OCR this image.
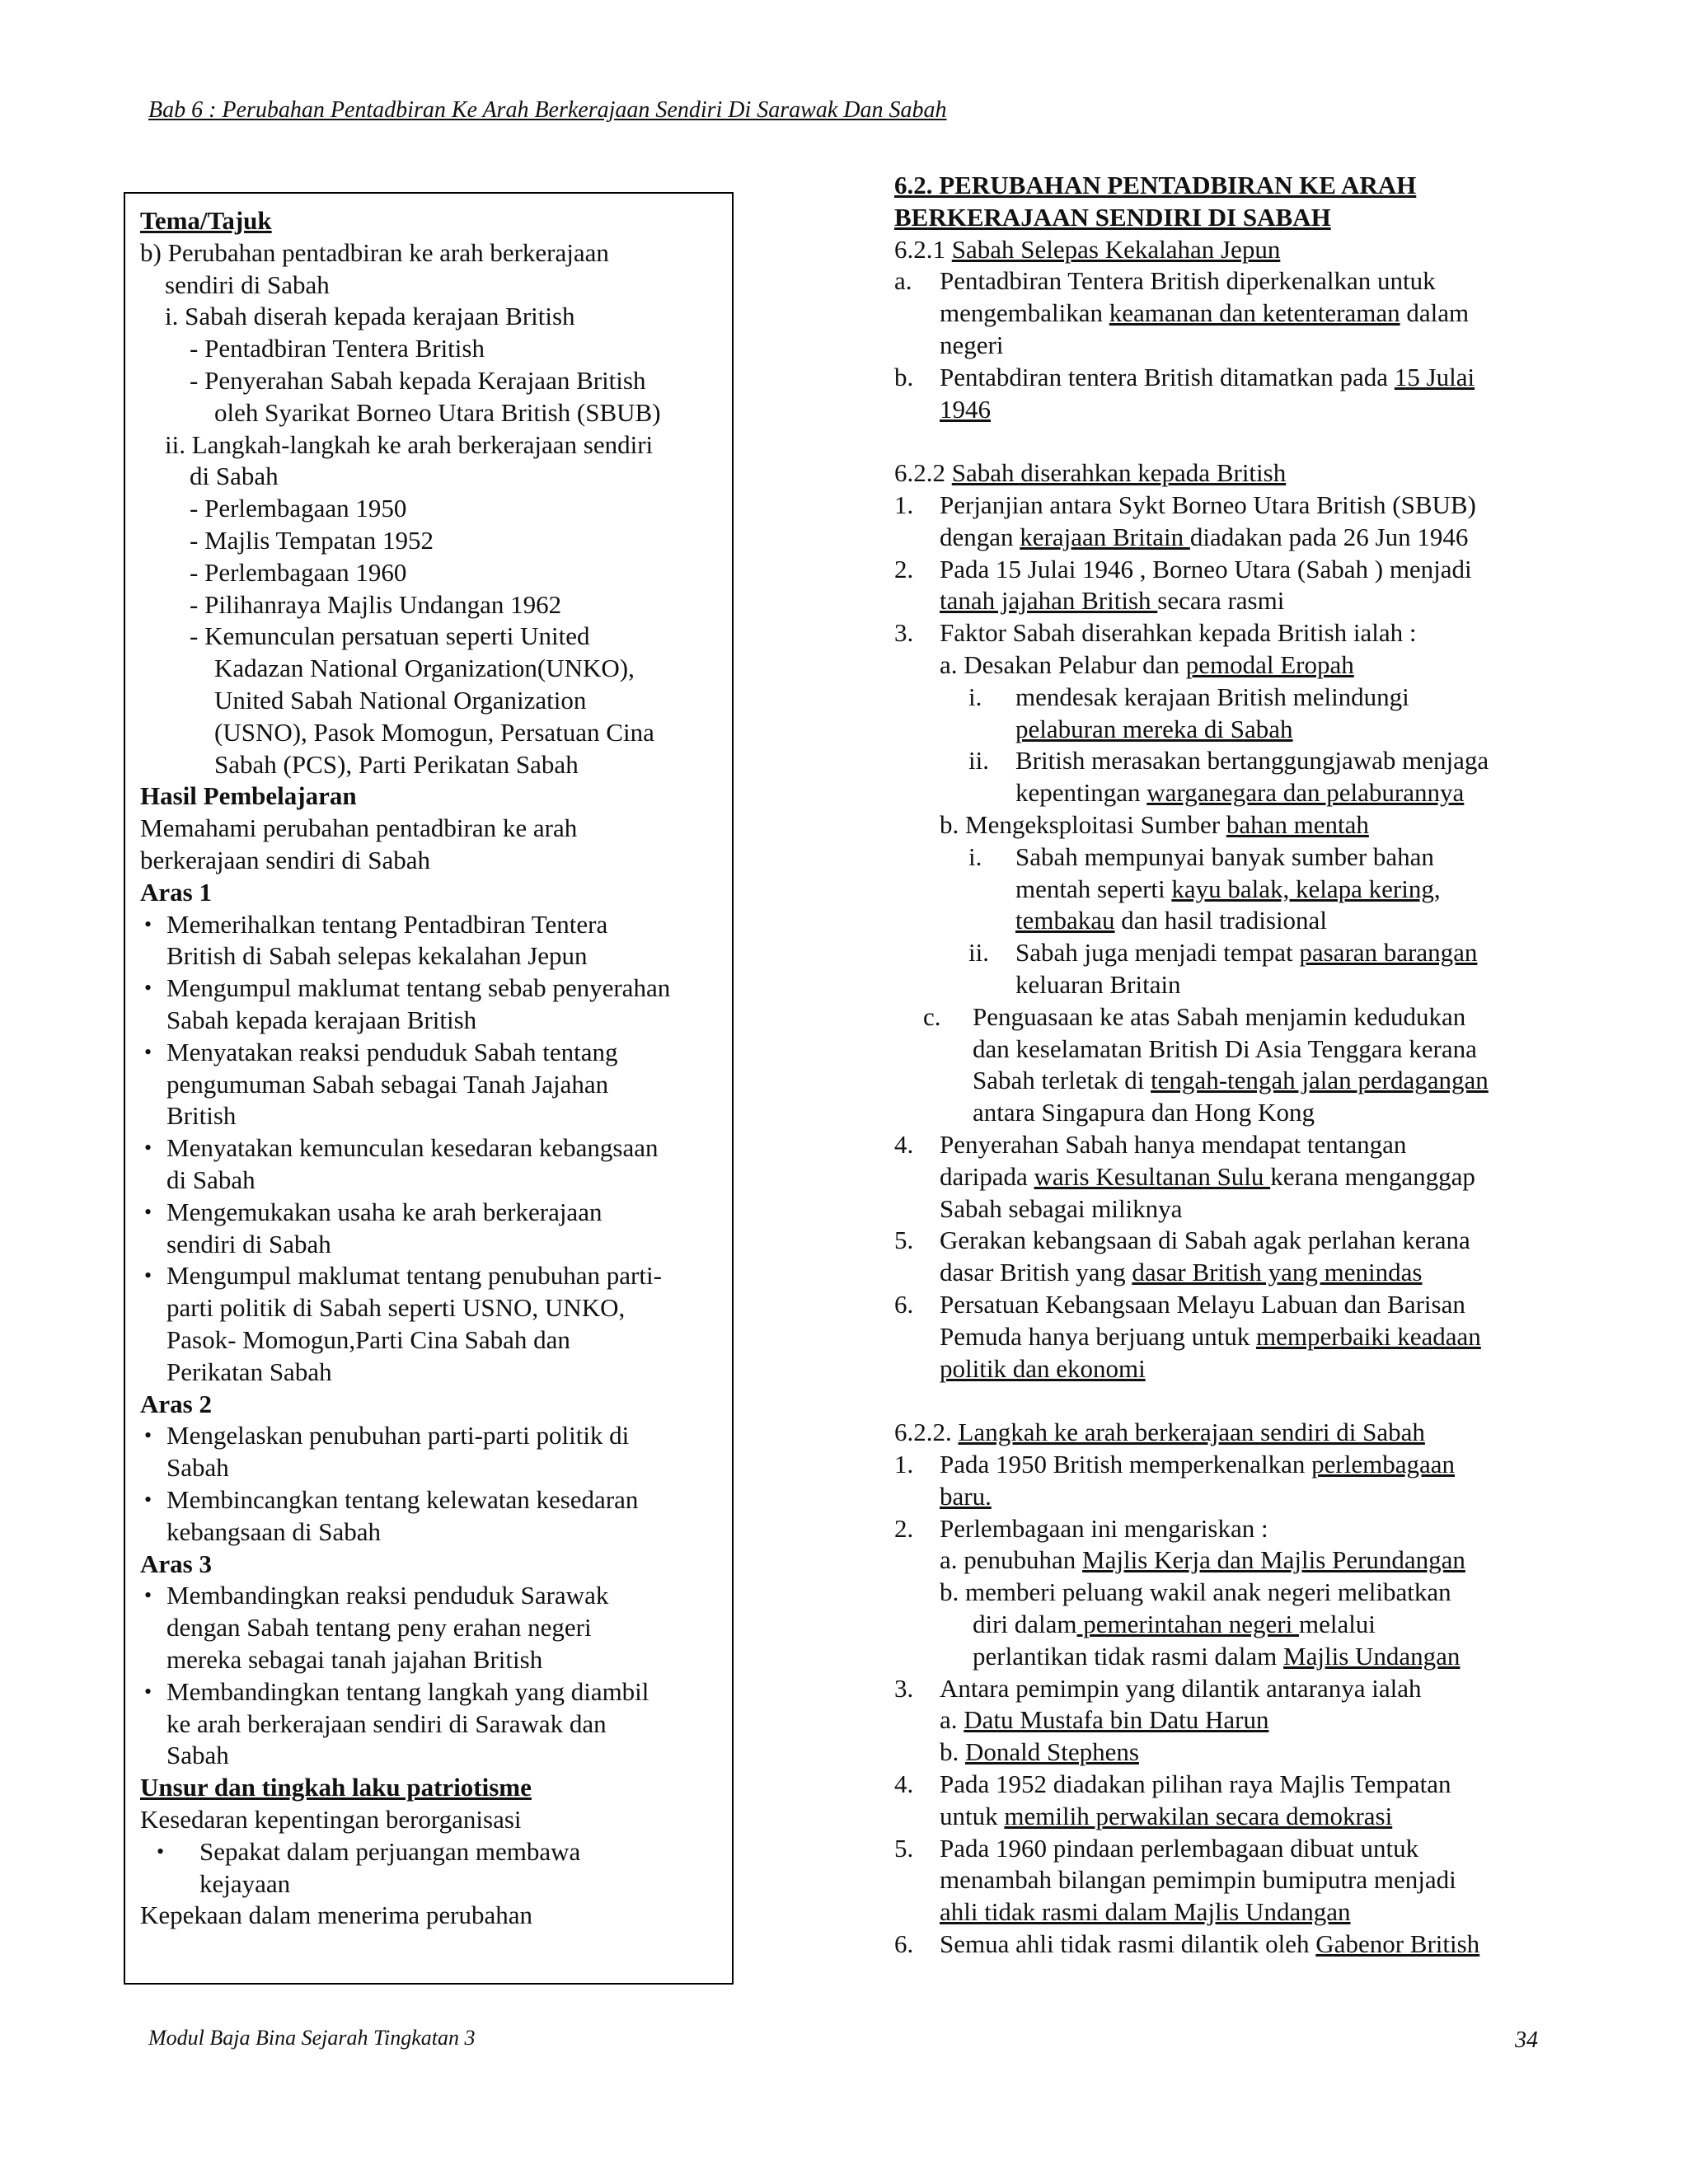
Bab 6 : Perubahan Pentadbiran Ke Arah Berkerajaan Sendiri Di Sarawak Dan Sabah
Tema/Tajuk
b) Perubahan pentadbiran ke arah berkerajaan
sendiri di Sabah
i. Sabah diserah kepada kerajaan British
- Pentadbiran Tentera British
- Penyerahan Sabah kepada Kerajaan British
oleh Syarikat Borneo Utara British (SBUB)
ii. Langkah-langkah ke arah berkerajaan sendiri
di Sabah
- Perlembagaan 1950
- Majlis Tempatan 1952
- Perlembagaan 1960
- Pilihanraya Majlis Undangan 1962
- Kemunculan persatuan seperti United
Kadazan National Organization(UNKO),
United Sabah National Organization
(USNO), Pasok Momogun, Persatuan Cina
Sabah (PCS), Parti Perikatan Sabah
Hasil Pembelajaran
Memahami perubahan pentadbiran ke arah
berkerajaan sendiri di Sabah
Aras 1
Memerihalkan tentang Pentadbiran Tentera
•
British di Sabah selepas kekalahan Jepun
Mengumpul maklumat tentang sebab penyerahan
•
Sabah kepada kerajaan British
Menyatakan reaksi penduduk Sabah tentang
•
pengumuman Sabah sebagai Tanah Jajahan
British
Menyatakan kemunculan kesedaran kebangsaan
•
di Sabah
Mengemukakan usaha ke arah berkerajaan
•
sendiri di Sabah
Mengumpul maklumat tentang penubuhan parti-
•
parti politik di Sabah seperti USNO, UNKO,
Pasok- Momogun,Parti Cina Sabah dan
Perikatan Sabah
Aras 2
Mengelaskan penubuhan parti-parti politik di
•
Sabah
Membincangkan tentang kelewatan kesedaran
•
kebangsaan di Sabah
Aras 3
Membandingkan reaksi penduduk Sarawak
•
dengan Sabah tentang peny erahan negeri
mereka sebagai tanah jajahan British
Membandingkan tentang langkah yang diambil
•
ke arah berkerajaan sendiri di Sarawak dan
Sabah
Unsur dan tingkah laku patriotisme
Kesedaran kepentingan berorganisasi
Sepakat dalam perjuangan membawa
•
kejayaan
Kepekaan dalam menerima perubahan
6.2. PERUBAHAN PENTADBIRAN KE ARAH
BERKERAJAAN SENDIRI DI SABAH
6.2.1 Sabah Selepas Kekalahan Jepun
a. Pentadbiran Tentera British diperkenalkan untuk
mengembalikan keamanan dan ketenteraman dalam
negeri
b. Pentabdiran tentera British ditamatkan pada 15 Julai
1946
6.2.2 Sabah diserahkan kepada British
1. Perjanjian antara Sykt Borneo Utara British (SBUB)
dengan kerajaan Britain diadakan pada 26 Jun 1946
2. Pada 15 Julai 1946 , Borneo Utara (Sabah ) menjadi
tanah jajahan British secara rasmi
3. Faktor Sabah diserahkan kepada British ialah :
a. Desakan Pelabur dan pemodal Eropah
i. mendesak kerajaan British melindungi
pelaburan mereka di Sabah
ii. British merasakan bertanggungjawab menjaga
kepentingan warganegara dan pelaburannya
b. Mengeksploitasi Sumber bahan mentah
i. Sabah mempunyai banyak sumber bahan
mentah seperti kayu balak, kelapa kering,
tembakau dan hasil tradisional
ii. Sabah juga menjadi tempat pasaran barangan
keluaran Britain
c. Penguasaan ke atas Sabah menjamin kedudukan
dan keselamatan British Di Asia Tenggara kerana
Sabah terletak di tengah-tengah jalan perdagangan
antara Singapura dan Hong Kong
4. Penyerahan Sabah hanya mendapat tentangan
daripada waris Kesultanan Sulu kerana menganggap
Sabah sebagai miliknya
5. Gerakan kebangsaan di Sabah agak perlahan kerana
dasar British yang dasar British yang menindas
6. Persatuan Kebangsaan Melayu Labuan dan Barisan
Pemuda hanya berjuang untuk memperbaiki keadaan
politik dan ekonomi
6.2.2. Langkah ke arah berkerajaan sendiri di Sabah
1. Pada 1950 British memperkenalkan perlembagaan
baru.
2. Perlembagaan ini mengariskan :
a. penubuhan Majlis Kerja dan Majlis Perundangan
b. memberi peluang wakil anak negeri melibatkan
diri dalam pemerintahan negeri melalui
perlantikan tidak rasmi dalam Majlis Undangan
3. Antara pemimpin yang dilantik antaranya ialah
a. Datu Mustafa bin Datu Harun
b. Donald Stephens
4. Pada 1952 diadakan pilihan raya Majlis Tempatan
untuk memilih perwakilan secara demokrasi
5. Pada 1960 pindaan perlembagaan dibuat untuk
menambah bilangan pemimpin bumiputra menjadi
ahli tidak rasmi dalam Majlis Undangan
6. Semua ahli tidak rasmi dilantik oleh Gabenor British
Modul Baja Bina Sejarah Tingkatan 3	34
